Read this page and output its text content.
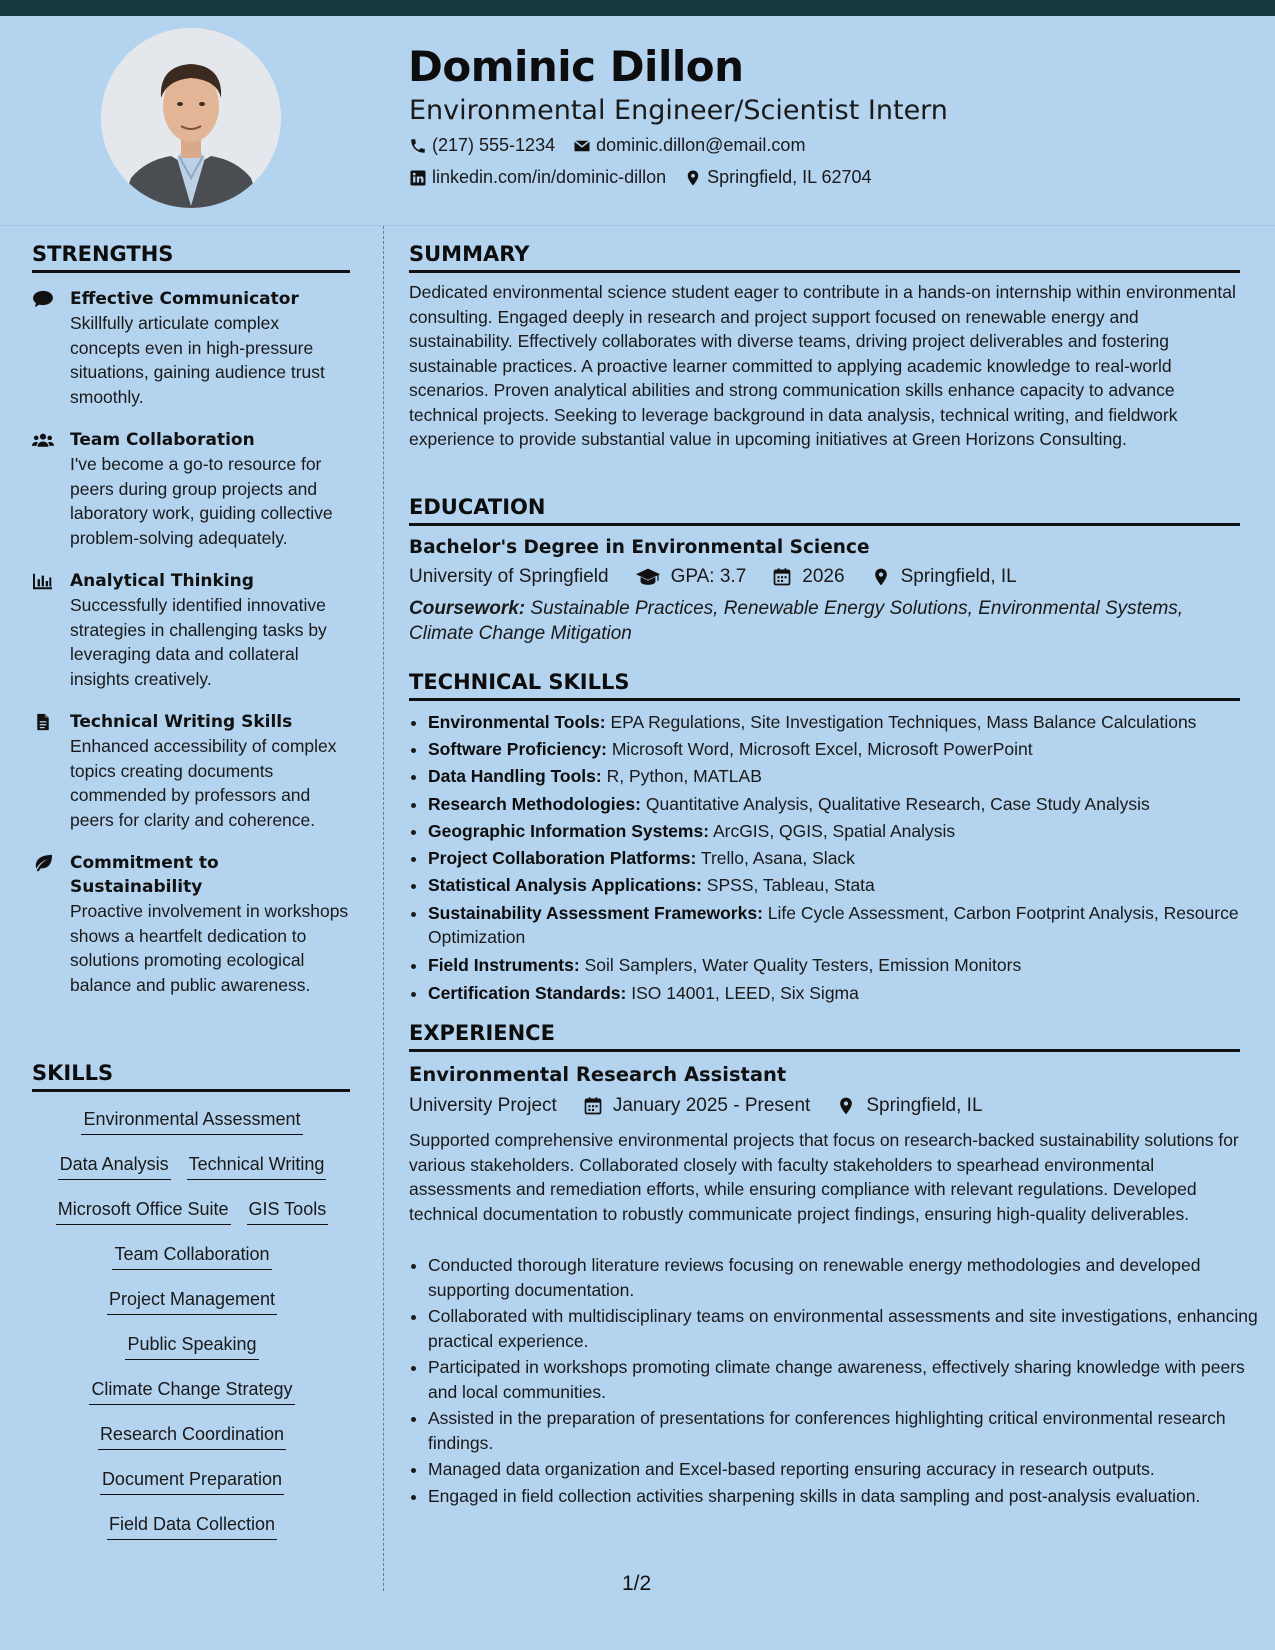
Dominic Dillon
Environmental Engineer/Scientist Intern
(217) 555-1234 dominic.dillon@email.com
linkedin.com/in/dominic-dillon Springfield, IL 62704
STRENGTHS
Effective Communicator
Skillfully articulate complex concepts even in high-pressure situations, gaining audience trust smoothly.
Team Collaboration
I've become a go-to resource for peers during group projects and laboratory work, guiding collective problem-solving adequately.
Analytical Thinking
Successfully identified innovative strategies in challenging tasks by leveraging data and collateral insights creatively.
Technical Writing Skills
Enhanced accessibility of complex topics creating documents commended by professors and peers for clarity and coherence.
Commitment to Sustainability
Proactive involvement in workshops shows a heartfelt dedication to solutions promoting ecological balance and public awareness.
SKILLS
Environmental Assessment
Data Analysis Technical Writing
Microsoft Office Suite GIS Tools
Team Collaboration
Project Management
Public Speaking
Climate Change Strategy
Research Coordination
Document Preparation
Field Data Collection
SUMMARY

Dedicated environmental science student eager to contribute in a hands-on internship within environmental consulting. Engaged deeply in research and project support focused on renewable energy and sustainability. Effectively collaborates with diverse teams, driving project deliverables and fostering sustainable practices. A proactive learner committed to applying academic knowledge to real-world scenarios. Proven analytical abilities and strong communication skills enhance capacity to advance technical projects. Seeking to leverage background in data analysis, technical writing, and fieldwork experience to provide substantial value in upcoming initiatives at Green Horizons Consulting.

EDUCATION
Bachelor's Degree in Environmental Science
University of Springfield	GPA: 3.7	2026	Springfield, IL
Coursework: Sustainable Practices, Renewable Energy Solutions, Environmental Systems, Climate Change Mitigation
TECHNICAL SKILLS
• Environmental Tools: EPA Regulations, Site Investigation Techniques, Mass Balance Calculations
• Software Proficiency: Microsoft Word, Microsoft Excel, Microsoft PowerPoint
• Data Handling Tools: R, Python, MATLAB
• Research Methodologies: Quantitative Analysis, Qualitative Research, Case Study Analysis
• Geographic Information Systems: ArcGIS, QGIS, Spatial Analysis
• Project Collaboration Platforms: Trello, Asana, Slack
• Statistical Analysis Applications: SPSS, Tableau, Stata
• Sustainability Assessment Frameworks: Life Cycle Assessment, Carbon Footprint Analysis, Resource Optimization
• Field Instruments: Soil Samplers, Water Quality Testers, Emission Monitors
• Certification Standards: ISO 14001, LEED, Six Sigma
EXPERIENCE
Environmental Research Assistant
University Project	January 2025 - Present	Springfield, IL

Supported comprehensive environmental projects that focus on research-backed sustainability solutions for various stakeholders. Collaborated closely with faculty stakeholders to spearhead environmental assessments and remediation efforts, while ensuring compliance with relevant regulations. Developed technical documentation to robustly communicate project findings, ensuring high-quality deliverables.

• Conducted thorough literature reviews focusing on renewable energy methodologies and developed supporting documentation.
• Collaborated with multidisciplinary teams on environmental assessments and site investigations, enhancing practical experience.
• Participated in workshops promoting climate change awareness, effectively sharing knowledge with peers and local communities.
• Assisted in the preparation of presentations for conferences highlighting critical environmental research findings.
• Managed data organization and Excel-based reporting ensuring accuracy in research outputs.
• Engaged in field collection activities sharpening skills in data sampling and post-analysis evaluation.
1/2
